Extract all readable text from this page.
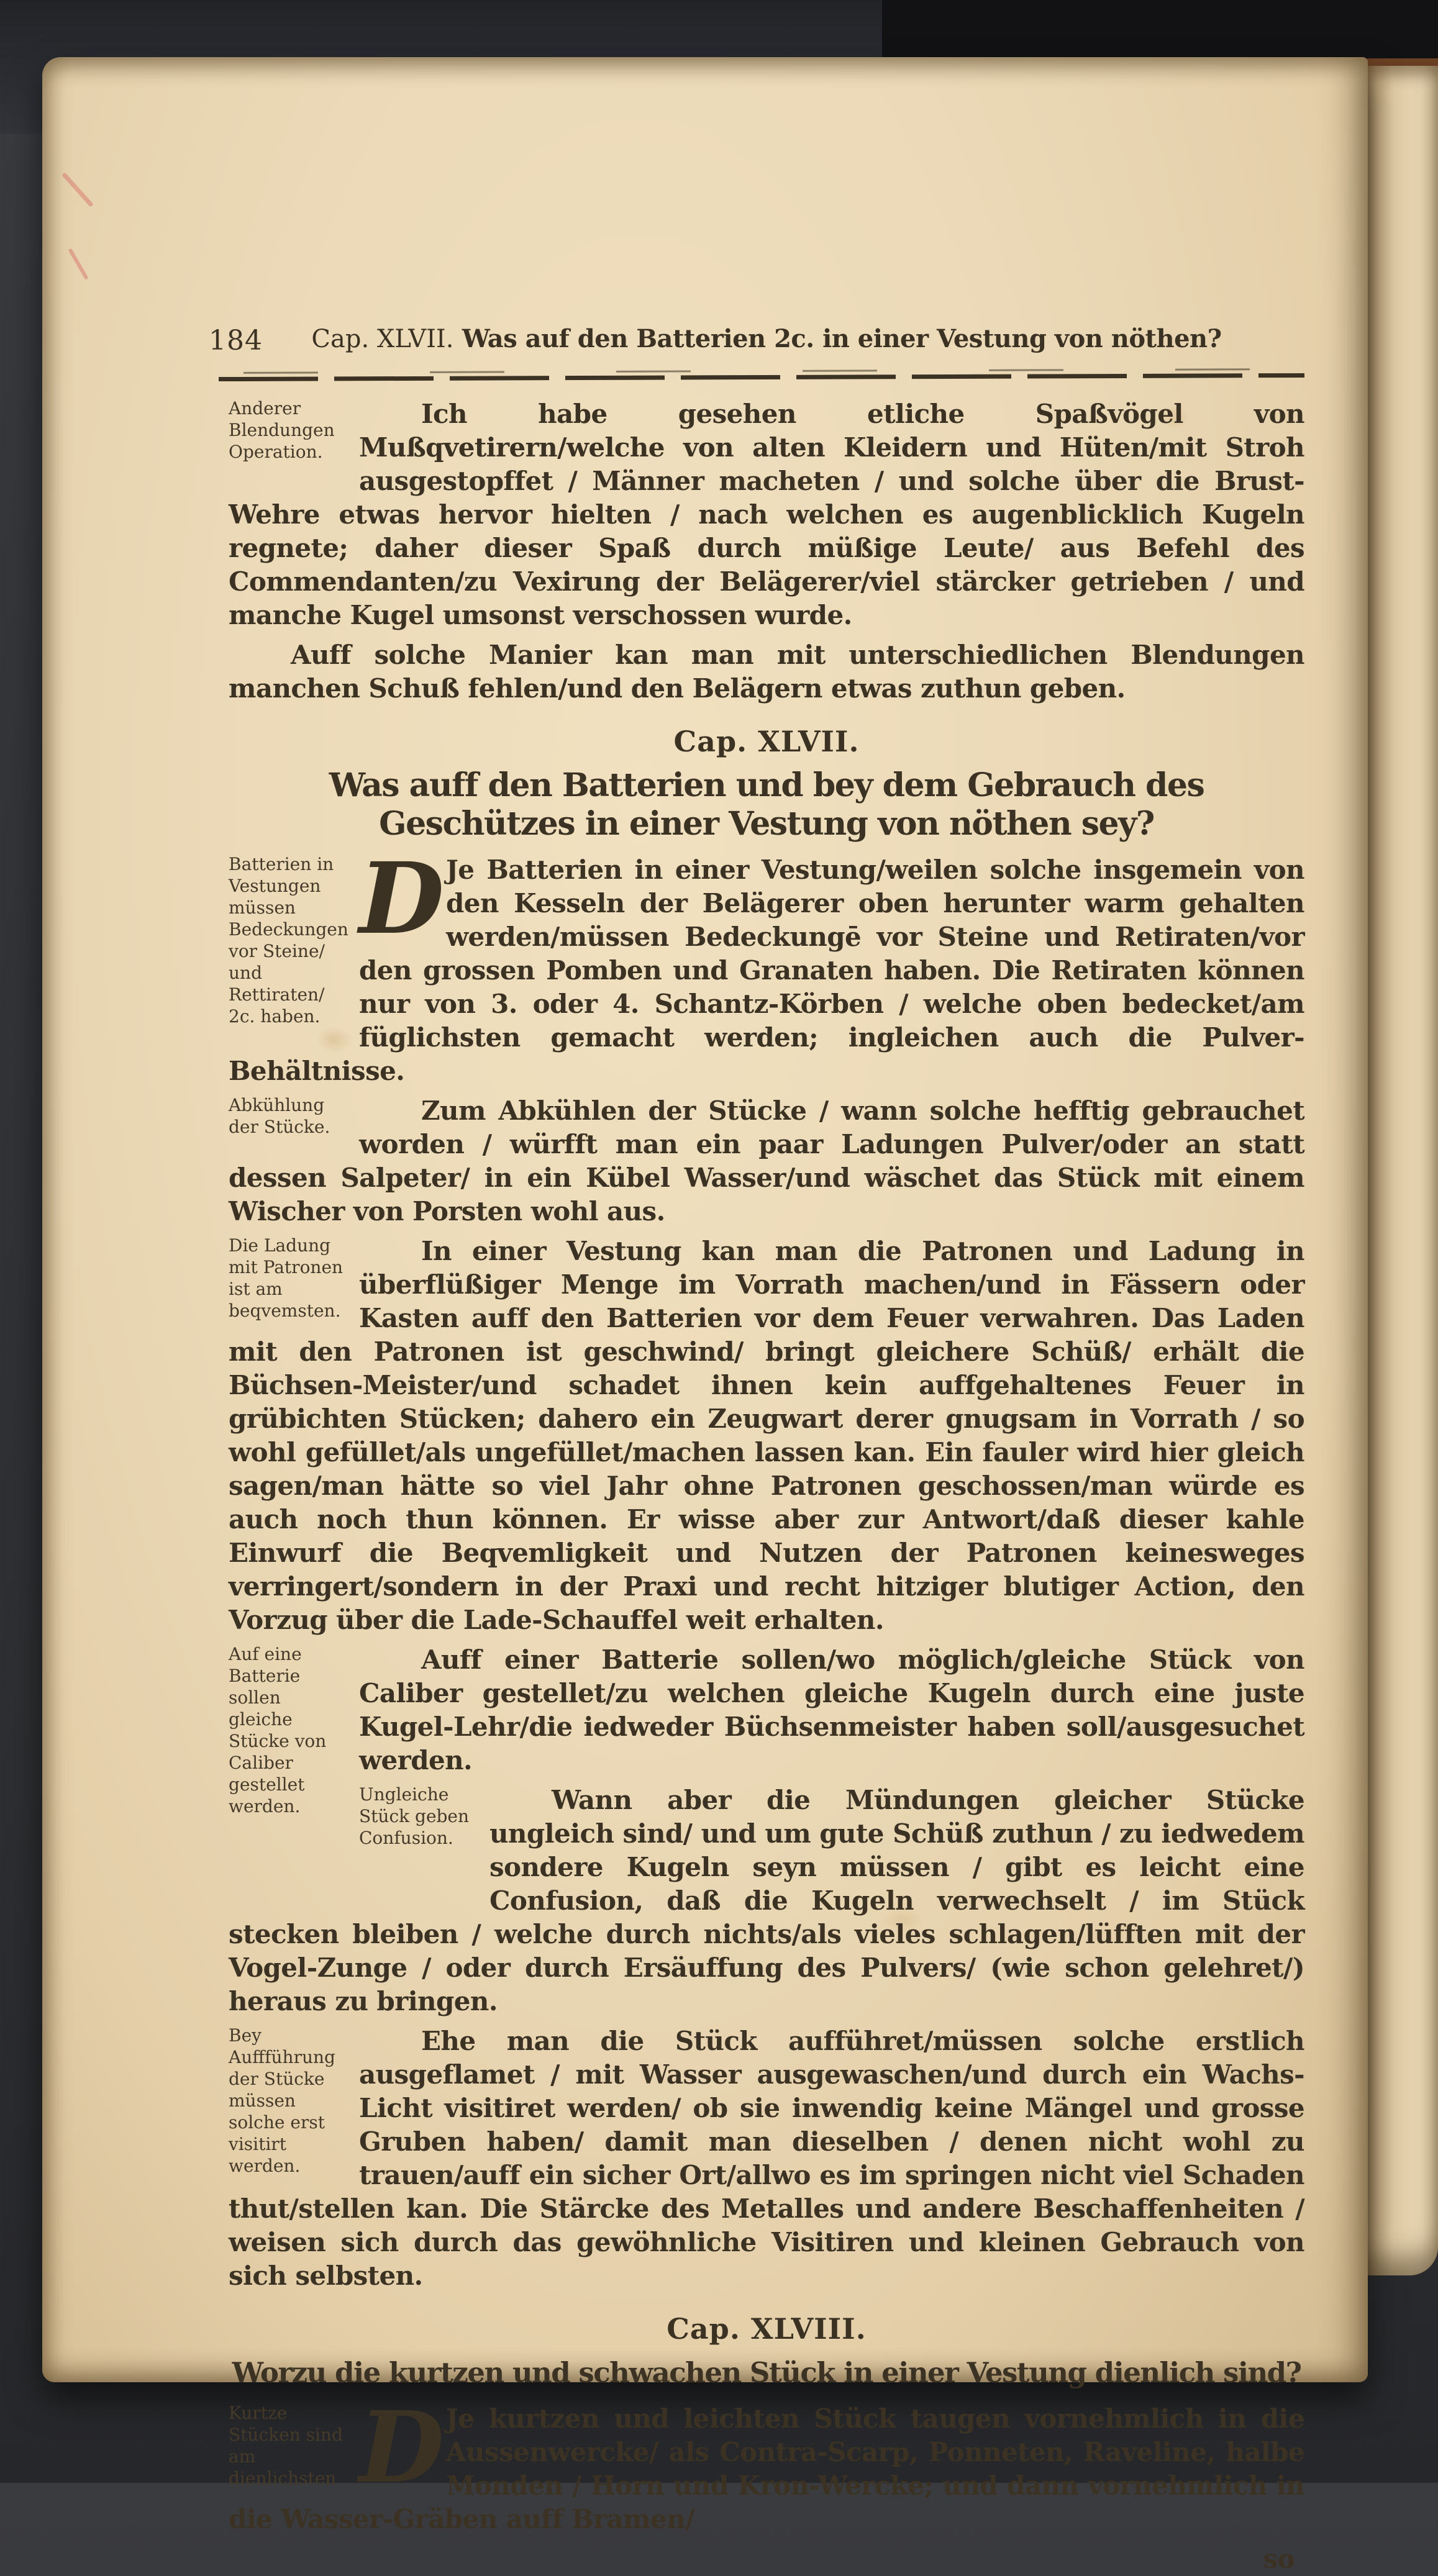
184	Cap. XLVII. Was auf den Batterien 2c. in einer Vestung von nöthen?
Anderer Blendungen Operation.
Ich habe gesehen etliche Spaßvögel von Mußqvetirern/welche von alten Kleidern und Hüten/mit Stroh ausgestopffet / Männer macheten / und solche über die Brust-Wehre etwas hervor hielten / nach welchen es augenblicklich Kugeln regnete; daher dieser Spaß durch müßige Leute/ aus Befehl des Commendanten/zu Vexirung der Belägerer/viel stärcker getrieben / und manche Kugel umsonst verschossen wurde.
Auff solche Manier kan man mit unterschiedlichen Blendungen manchen Schuß fehlen/und den Belägern etwas zuthun geben.
Cap. XLVII.
Was auff den Batterien und bey dem Gebrauch des Geschützes in einer Vestung von nöthen sey?
Batterien in Vestungen müssen Bedeckungen vor Steine/ und Rettiraten/ 2c. haben.
D Je Batterien in einer Vestung/weilen solche insgemein von den Kesseln der Belägerer oben herunter warm gehalten werden/müssen Bedeckungē vor Steine und Retiraten/vor den grossen Pomben und Granaten haben. Die Retiraten können nur von 3. oder 4. Schantz-Körben / welche oben bedecket/am füglichsten gemacht werden; ingleichen auch die Pulver-Behältnisse.
Abkühlung der Stücke.
Zum Abkühlen der Stücke / wann solche hefftig gebrauchet worden / würfft man ein paar Ladungen Pulver/oder an statt dessen Salpeter/ in ein Kübel Wasser/und wäschet das Stück mit einem Wischer von Porsten wohl aus.
Die Ladung mit Patronen ist am beqvemsten.
In einer Vestung kan man die Patronen und Ladung in überflüßiger Menge im Vorrath machen/und in Fässern oder Kasten auff den Batterien vor dem Feuer verwahren. Das Laden mit den Patronen ist geschwind/ bringt gleichere Schüß/ erhält die Büchsen-Meister/und schadet ihnen kein auffgehaltenes Feuer in grübichten Stücken; dahero ein Zeugwart derer gnugsam in Vorrath / so wohl gefüllet/als ungefüllet/machen lassen kan. Ein fauler wird hier gleich sagen/man hätte so viel Jahr ohne Patronen geschossen/man würde es auch noch thun können. Er wisse aber zur Antwort/daß dieser kahle Einwurf die Beqvemligkeit und Nutzen der Patronen keinesweges verringert/sondern in der Praxi und recht hitziger blutiger Action, den Vorzug über die Lade-Schauffel weit erhalten.
Auf eine Batterie sollen gleiche Stücke von Caliber gestellet werden.
Auff einer Batterie sollen/wo möglich/gleiche Stück von Caliber gestellet/zu welchen gleiche Kugeln durch eine juste Kugel-Lehr/die iedweder Büchsenmeister haben soll/ausgesuchet werden.
Ungleiche Stück geben Confusion.
Wann aber die Mündungen gleicher Stücke ungleich sind/ und um gute Schüß zuthun / zu iedwedem sondere Kugeln seyn müssen / gibt es leicht eine Confusion, daß die Kugeln verwechselt / im Stück stecken bleiben / welche durch nichts/als vieles schlagen/lüfften mit der Vogel-Zunge / oder durch Ersäuffung des Pulvers/ (wie schon gelehret/) heraus zu bringen.
Bey Auffführung der Stücke müssen solche erst visitirt werden.
Ehe man die Stück aufführet/müssen solche erstlich ausgeflamet / mit Wasser ausgewaschen/und durch ein Wachs-Licht visitiret werden/ ob sie inwendig keine Mängel und grosse Gruben haben/ damit man dieselben / denen nicht wohl zu trauen/auff ein sicher Ort/allwo es im springen nicht viel Schaden thut/stellen kan. Die Stärcke des Metalles und andere Beschaffenheiten / weisen sich durch das gewöhnliche Visitiren und kleinen Gebrauch von sich selbsten.
Cap. XLVIII.
Worzu die kurtzen und schwachen Stück in einer Vestung dienlich sind?
Kurtze Stücken sind am dienlichsten D Je kurtzen und leichten Stück taugen vornehmlich in die Aussenwercke/ als Contra-Scarp, Ponneten, Raveline, halbe Monden / Horn und Kron-Wercke; und dann vornehmlich in die Wasser-Gräben auff Bramen/
so
